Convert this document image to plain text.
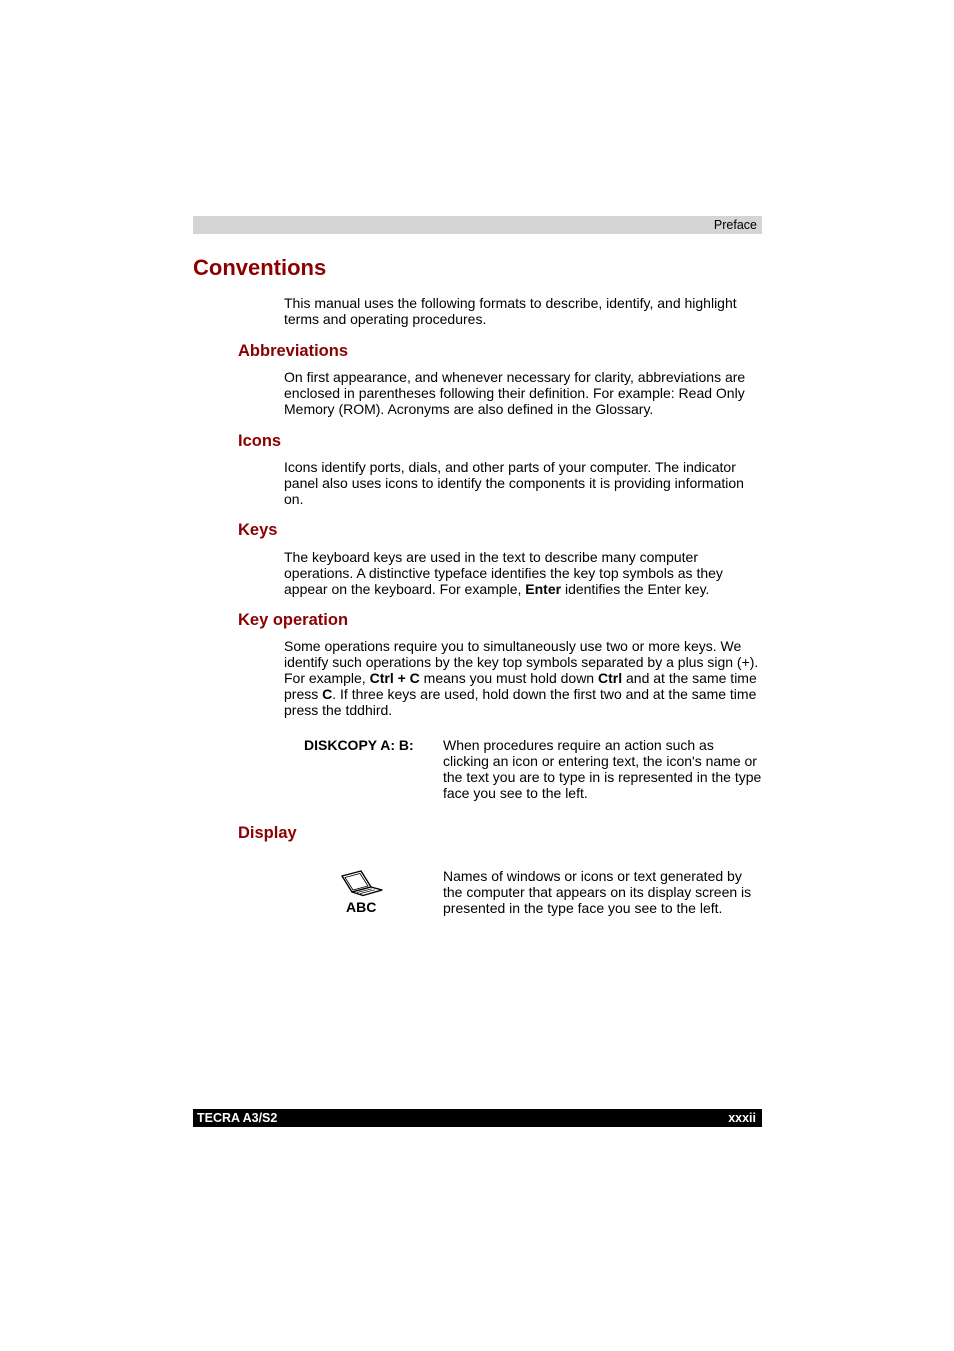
Preface
Conventions

This manual uses the following formats to describe, identify, and highlight terms and operating procedures.

Abbreviations

On first appearance, and whenever necessary for clarity, abbreviations are enclosed in parentheses following their definition. For example: Read Only Memory (ROM). Acronyms are also defined in the Glossary.

Icons

Icons identify ports, dials, and other parts of your computer. The indicator panel also uses icons to identify the components it is providing information on.

Keys

The keyboard keys are used in the text to describe many computer operations. A distinctive typeface identifies the key top symbols as they appear on the keyboard. For example, Enter identifies the Enter key.

Key operation

Some operations require you to simultaneously use two or more keys. We identify such operations by the key top symbols separated by a plus sign (+). For example, Ctrl + C means you must hold down Ctrl and at the same time press C. If three keys are used, hold down the first two and at the same time press the tddhird.

DISKCOPY A: B: When procedures require an action such as clicking an icon or entering text, the icon's name or the text you are to type in is represented in the type face you see to the left.

Display
ABC

Names of windows or icons or text generated by the computer that appears on its display screen is presented in the type face you see to the left.

TECRA A3/S2	xxxii
